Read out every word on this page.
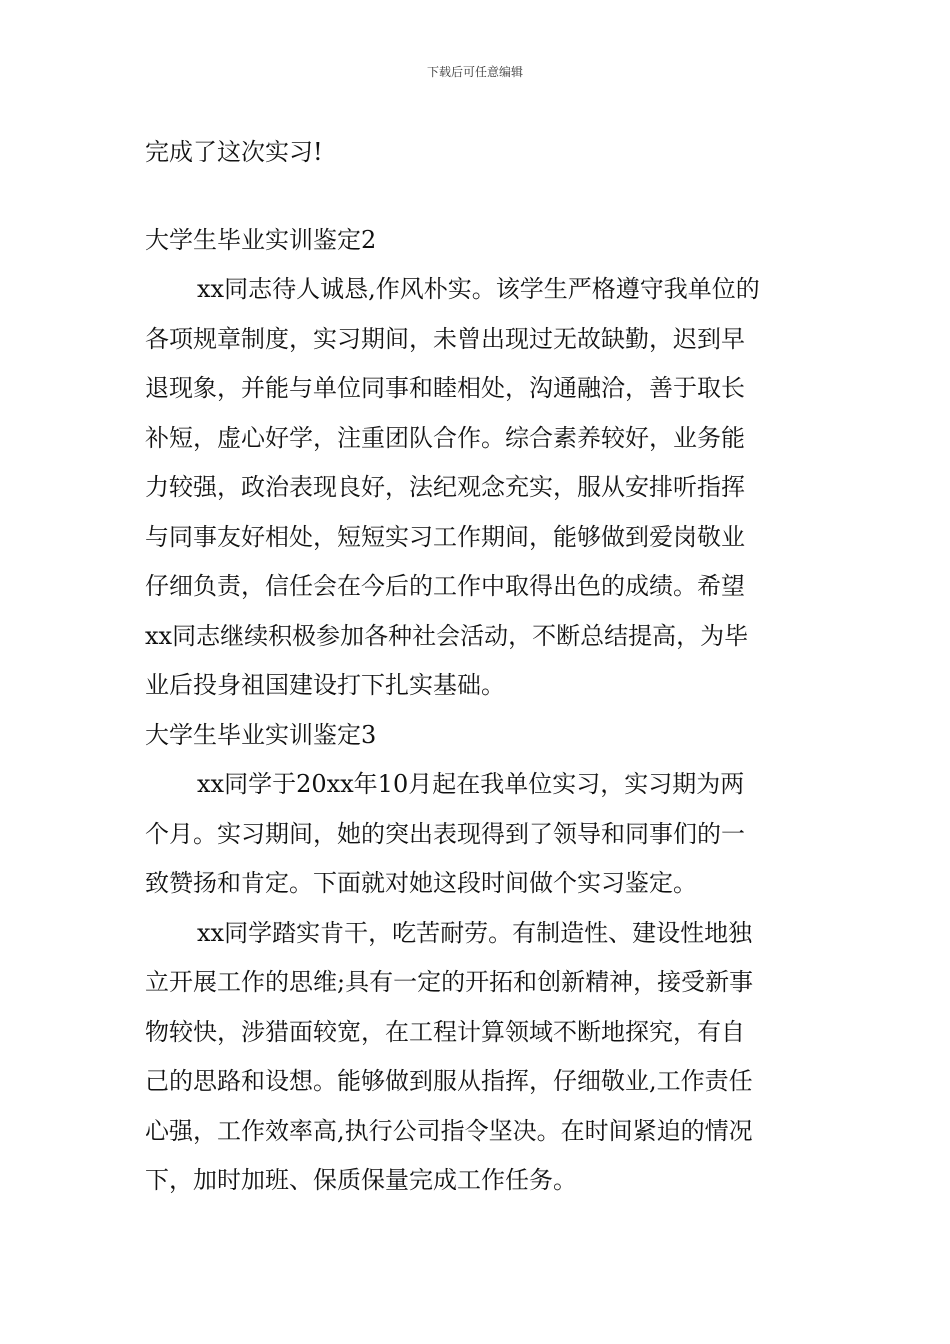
下载后可任意编辑
完成了这次实习!
大学生毕业实训鉴定2
xx同志待人诚恳,作风朴实。该学生严格遵守我单位的
各项规章制度，实习期间，未曾出现过无故缺勤，迟到早
退现象，并能与单位同事和睦相处，沟通融洽，善于取长
补短，虚心好学，注重团队合作。综合素养较好，业务能
力较强，政治表现良好，法纪观念充实，服从安排听指挥
与同事友好相处，短短实习工作期间，能够做到爱岗敬业
仔细负责，信任会在今后的工作中取得出色的成绩。希望
xx同志继续积极参加各种社会活动，不断总结提高，为毕
业后投身祖国建设打下扎实基础。
大学生毕业实训鉴定3
xx同学于20xx年10月起在我单位实习，实习期为两
个月。实习期间，她的突出表现得到了领导和同事们的一
致赞扬和肯定。下面就对她这段时间做个实习鉴定。
xx同学踏实肯干，吃苦耐劳。有制造性、建设性地独
立开展工作的思维;具有一定的开拓和创新精神，接受新事
物较快，涉猎面较宽，在工程计算领域不断地探究，有自
己的思路和设想。能够做到服从指挥，仔细敬业,工作责任
心强，工作效率高,执行公司指令坚决。在时间紧迫的情况
下，加时加班、保质保量完成工作任务。
